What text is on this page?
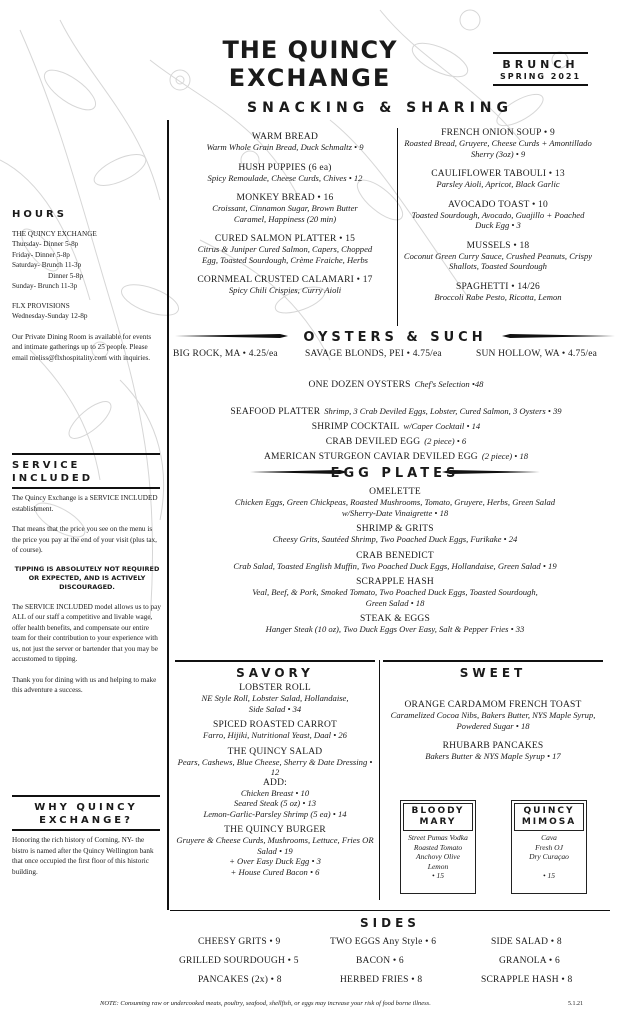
THE QUINCY
EXCHANGE	BRUNCH
SPRING 2021
SNACKING & SHARING
HOURS

THE QUINCY EXCHANGE

Thursday- Dinner 5-8p

Friday- Dinner 5-8p

Saturday- Brunch 11-3p

Dinner 5-8p

Sunday- Brunch 11-3p

FLX PROVISIONS

Wednesday-Sunday 12-8p

Our Private Dining Room is available for events and intimate gatherings up to 25 people. Please email meliss@flxhospitality.com with inquiries.

SERVICE
INCLUDED

The Quincy Exchange is a SERVICE INCLUDED establishment.

That means that the price you see on the menu is the price you pay at the end of your visit (plus tax, of course).

TIPPING IS ABSOLUTELY NOT REQUIRED OR EXPECTED, AND IS ACTIVELY DISCOURAGED.

The SERVICE INCLUDED model allows us to pay ALL of our staff a competitive and livable wage, offer health benefits, and compensate our entire team for their contribution to your experience with us, not just the server or bartender that you may be accustomed to tipping.

Thank you for dining with us and helping to make this adventure a success.

WHY QUINCY
EXCHANGE?
Honoring the rich history of Corning, NY- the bistro is named after the Quincy Wellington bank that once occupied the first floor of this historic building.
WARM BREAD
Warm Whole Grain Bread, Duck Schmaltz • 9
HUSH PUPPIES (6 ea)
Spicy Remoulade, Cheese Curds, Chives • 12
MONKEY BREAD • 16
Croissant, Cinnamon Sugar, Brown Butter Caramel, Happiness (20 min)
CURED SALMON PLATTER • 15
Citrus & Juniper Cured Salmon, Capers, Chopped Egg, Toasted Sourdough, Crème Fraiche, Herbs
CORNMEAL CRUSTED CALAMARI • 17
Spicy Chili Crispies, Curry Aioli
FRENCH ONION SOUP • 9
Roasted Bread, Gruyere, Cheese Curds + Amontillado Sherry (3oz) • 9
CAULIFLOWER TABOULI • 13
Parsley Aioli, Apricot, Black Garlic
AVOCADO TOAST • 10
Toasted Sourdough, Avocado, Guajillo + Poached Duck Egg • 3
MUSSELS • 18
Coconut Green Curry Sauce, Crushed Peanuts, Crispy Shallots, Toasted Sourdough
SPAGHETTI • 14/26
Broccoli Rabe Pesto, Ricotta, Lemon
OYSTERS & SUCH
BIG ROCK, MA • 4.25/ea	SAVAGE BLONDS, PEI • 4.75/ea	SUN HOLLOW, WA • 4.75/ea
ONE DOZEN OYSTERS Chef's Selection •48
SEAFOOD PLATTER Shrimp, 3 Crab Deviled Eggs, Lobster, Cured Salmon, 3 Oysters • 39
SHRIMP COCKTAIL w/Caper Cocktail • 14
CRAB DEVILED EGG (2 piece) • 6
AMERICAN STURGEON CAVIAR DEVILED EGG (2 piece) • 18
EGG PLATES
OMELETTE
Chicken Eggs, Green Chickpeas, Roasted Mushrooms, Tomato, Gruyere, Herbs, Green Salad w/Sherry-Date Vinaigrette • 18
SHRIMP & GRITS
Cheesy Grits, Sautéed Shrimp, Two Poached Duck Eggs, Furikake • 24
CRAB BENEDICT
Crab Salad, Toasted English Muffin, Two Poached Duck Eggs, Hollandaise, Green Salad • 19
SCRAPPLE HASH
Veal, Beef, & Pork, Smoked Tomato, Two Poached Duck Eggs, Toasted Sourdough, Green Salad • 18
STEAK & EGGS
Hanger Steak (10 oz), Two Duck Eggs Over Easy, Salt & Pepper Fries • 33
SAVORY	SWEET
LOBSTER ROLL
NE Style Roll, Lobster Salad, Hollandaise, Side Salad • 34
SPICED ROASTED CARROT
Farro, Hijiki, Nutritional Yeast, Daal • 26
THE QUINCY SALAD
Pears, Cashews, Blue Cheese, Sherry & Date Dressing • 12
ADD:
Chicken Breast • 10
Seared Steak (5 oz) • 13
Lemon-Garlic-Parsley Shrimp (5 ea) • 14
THE QUINCY BURGER
Gruyere & Cheese Curds, Mushrooms, Lettuce, Fries OR Salad • 19
+ Over Easy Duck Egg • 3
+ House Cured Bacon • 6
ORANGE CARDAMOM FRENCH TOAST
Caramelized Cocoa Nibs, Bakers Butter, NYS Maple Syrup, Powdered Sugar • 18
RHUBARB PANCAKES
Bakers Butter & NYS Maple Syrup • 17
BLOODY
MARY
Street Pumas Vodka
Roasted Tomato
Anchovy Olive
Lemon
• 15
QUINCY
MIMOSA
Cava
Fresh OJ
Dry Curaçao
• 15
SIDES
CHEESY GRITS • 9	TWO EGGS Any Style • 6	SIDE SALAD • 8
GRILLED SOURDOUGH • 5	BACON • 6	GRANOLA • 6
PANCAKES (2x) • 8	HERBED FRIES • 8	SCRAPPLE HASH • 8
NOTE: Consuming raw or undercooked meats, poultry, seafood, shellfish, or eggs may increase your risk of food borne illness.	5.1.21
